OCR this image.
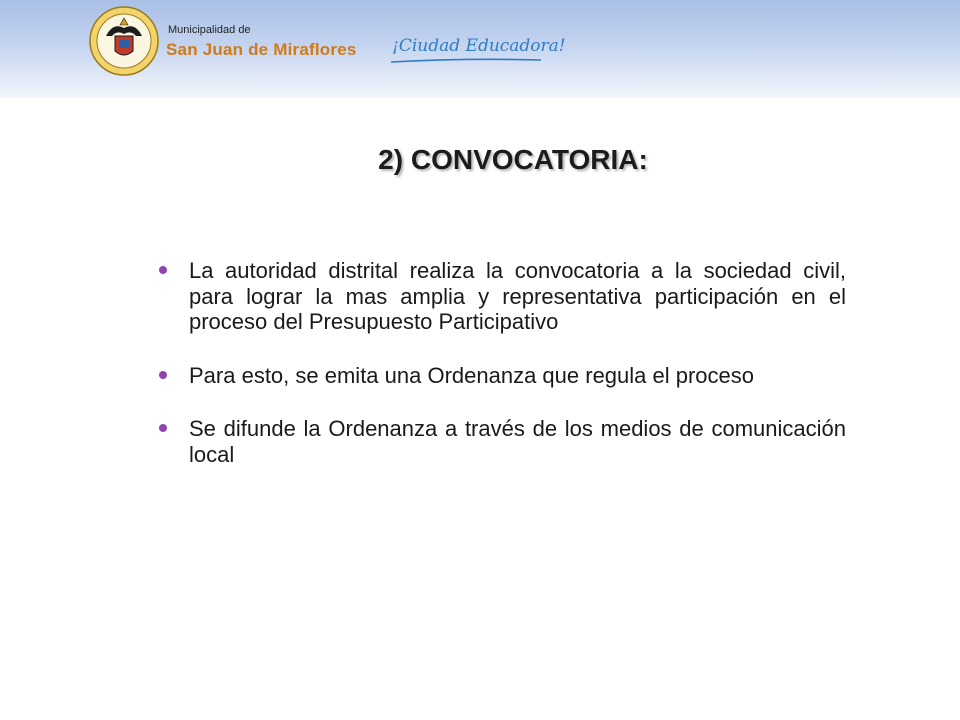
Municipalidad de
San Juan de Miraflores ¡Ciudad Educadora!
2) CONVOCATORIA:
La autoridad distrital realiza la convocatoria a la sociedad civil, para lograr la mas amplia y representativa participación en el proceso del Presupuesto Participativo
Para esto, se emita una Ordenanza que regula el proceso
Se difunde la Ordenanza a través de los medios de comunicación local
